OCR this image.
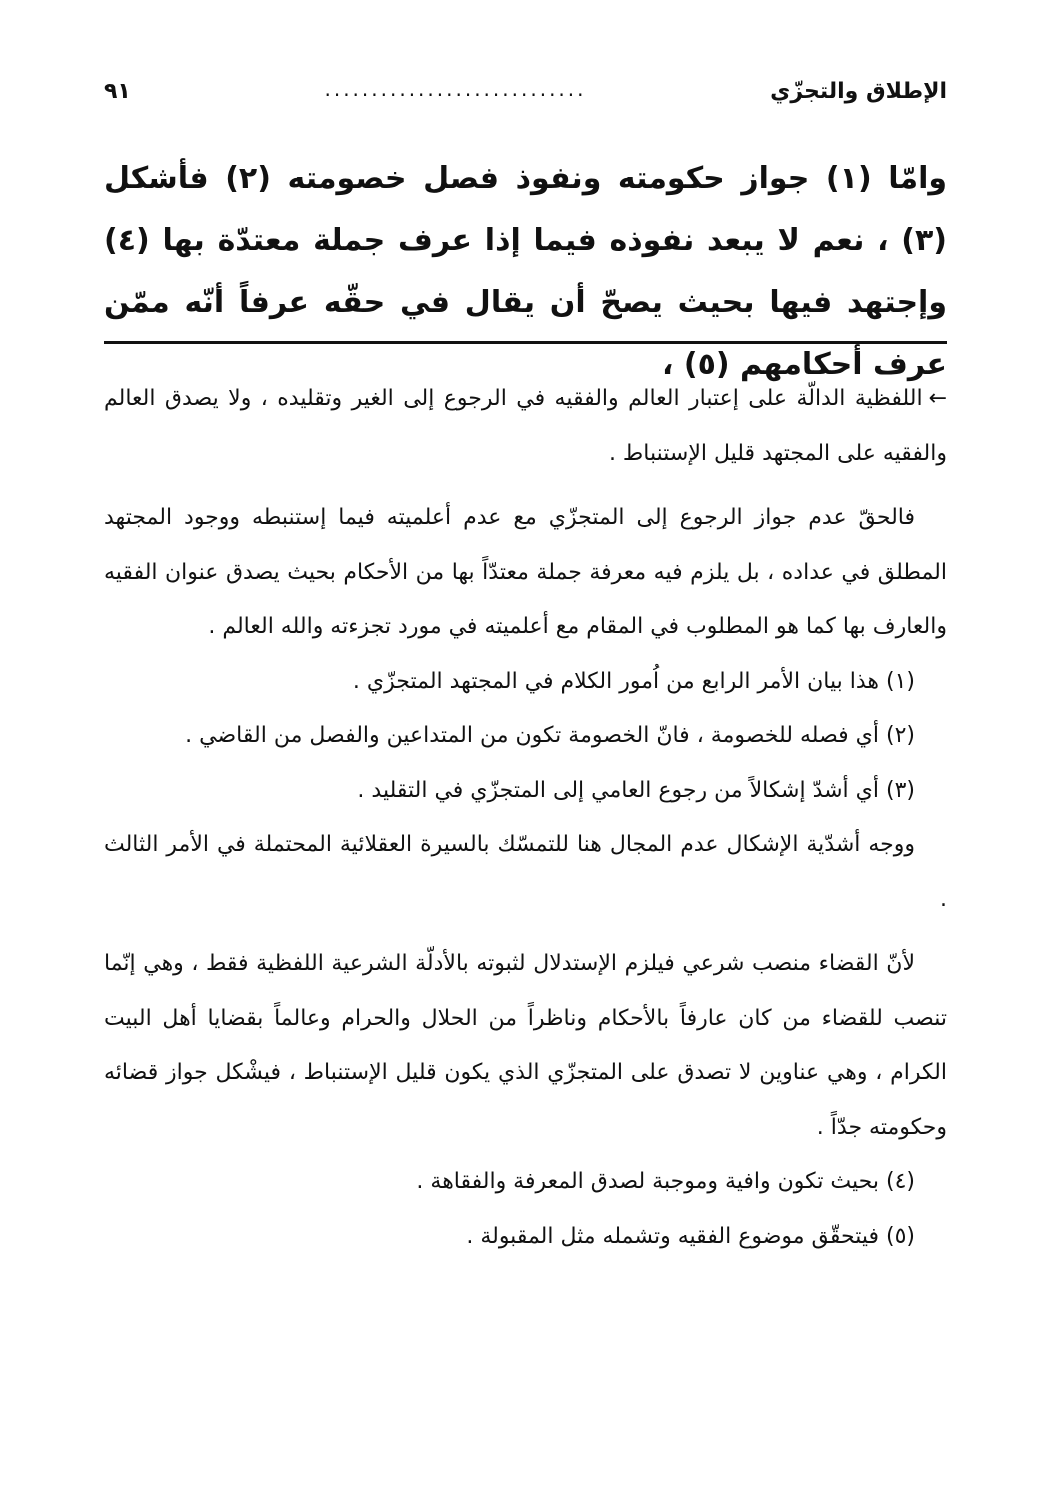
الإطلاق والتجزّي
............................
٩١
وامّا (١) جواز حكومته ونفوذ فصل خصومته (٢) فأشكل (٣) ، نعم لا يبعد نفوذه فيما إذا عرف جملة معتدّة بها (٤) وإجتهد فيها بحيث يصحّ أن يقال في حقّه عرفاً أنّه ممّن عرف أحكامهم (٥) ،

←اللفظية الدالّة على إعتبار العالم والفقيه في الرجوع إلى الغير وتقليده ، ولا يصدق العالم والفقيه على المجتهد قليل الإستنباط .

فالحقّ عدم جواز الرجوع إلى المتجزّي مع عدم أعلميته فيما إستنبطه ووجود المجتهد المطلق في عداده ، بل يلزم فيه معرفة جملة معتدّاً بها من الأحكام بحيث يصدق عنوان الفقيه والعارف بها كما هو المطلوب في المقام مع أعلميته في مورد تجزءته والله العالم .

(١) هذا بيان الأمر الرابع من اُمور الكلام في المجتهد المتجزّي .

(٢) أي فصله للخصومة ، فانّ الخصومة تكون من المتداعين والفصل من القاضي .

(٣) أي أشدّ إشكالاً من رجوع العامي إلى المتجزّي في التقليد .

ووجه أشدّية الإشكال عدم المجال هنا للتمسّك بالسيرة العقلائية المحتملة في الأمر الثالث .

لأنّ القضاء منصب شرعي فيلزم الإستدلال لثبوته بالأدلّة الشرعية اللفظية فقط ، وهي إنّما تنصب للقضاء من كان عارفاً بالأحكام وناظراً من الحلال والحرام وعالماً بقضايا أهل البيت الكرام ، وهي عناوين لا تصدق على المتجزّي الذي يكون قليل الإستنباط ، فيشْكل جواز قضائه وحكومته جدّاً .

(٤) بحيث تكون وافية وموجبة لصدق المعرفة والفقاهة .

(٥) فيتحقّق موضوع الفقيه وتشمله مثل المقبولة .
